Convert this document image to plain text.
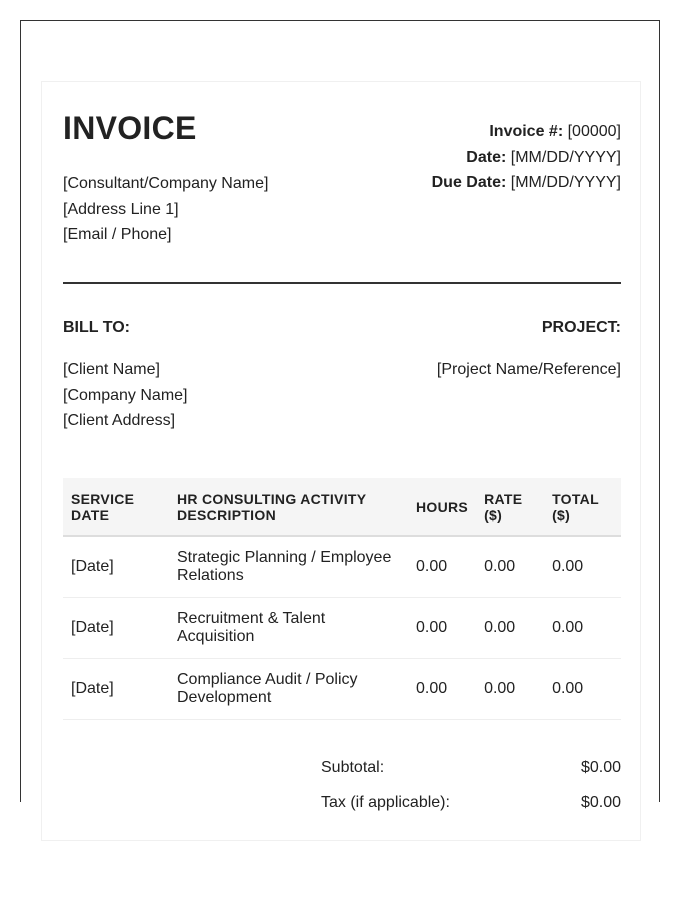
INVOICE
[Consultant/Company Name]
[Address Line 1]
[Email / Phone]
Invoice #: [00000]
Date: [MM/DD/YYYY]
Due Date: [MM/DD/YYYY]
BILL TO:	PROJECT:
[Client Name]
[Company Name]
[Client Address]
[Project Name/Reference]
SERVICE DATE	HR CONSULTING ACTIVITY DESCRIPTION	HOURS	RATE ($)	TOTAL ($)
[Date]	Strategic Planning / Employee Relations	0.00	0.00	0.00
[Date]	Recruitment & Talent Acquisition	0.00	0.00	0.00
[Date]	Compliance Audit / Policy Development	0.00	0.00	0.00
Subtotal:	$0.00
Tax (if applicable):	$0.00
